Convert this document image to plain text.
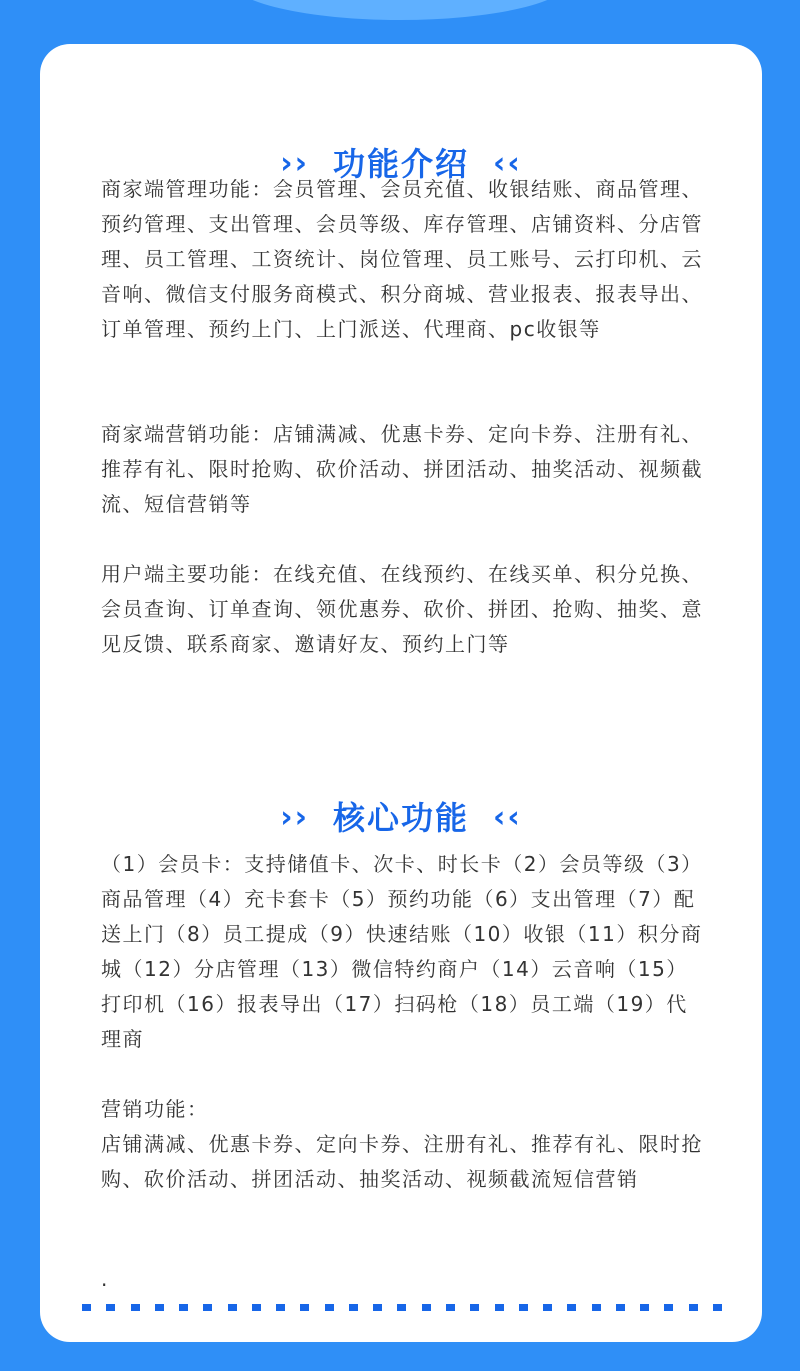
›› 功能介绍 ‹‹

商家端管理功能：会员管理、会员充值、收银结账、商品管理、预约管理、支出管理、会员等级、库存管理、店铺资料、分店管理、员工管理、工资统计、岗位管理、员工账号、云打印机、云音响、微信支付服务商模式、积分商城、营业报表、报表导出、订单管理、预约上门、上门派送、代理商、pc收银等

商家端营销功能：店铺满减、优惠卡券、定向卡券、注册有礼、推荐有礼、限时抢购、砍价活动、拼团活动、抽奖活动、视频截流、短信营销等

用户端主要功能：在线充值、在线预约、在线买单、积分兑换、会员查询、订单查询、领优惠券、砍价、拼团、抢购、抽奖、意见反馈、联系商家、邀请好友、预约上门等

›› 核心功能 ‹‹

（1）会员卡：支持储值卡、次卡、时长卡（2）会员等级（3）商品管理（4）充卡套卡（5）预约功能（6）支出管理（7）配送上门（8）员工提成（9）快速结账（10）收银（11）积分商城（12）分店管理（13）微信特约商户（14）云音响（15）打印机（16）报表导出（17）扫码枪（18）员工端（19）代理商

营销功能：

店铺满减、优惠卡券、定向卡券、注册有礼、推荐有礼、限时抢购、砍价活动、拼团活动、抽奖活动、视频截流短信营销

.
